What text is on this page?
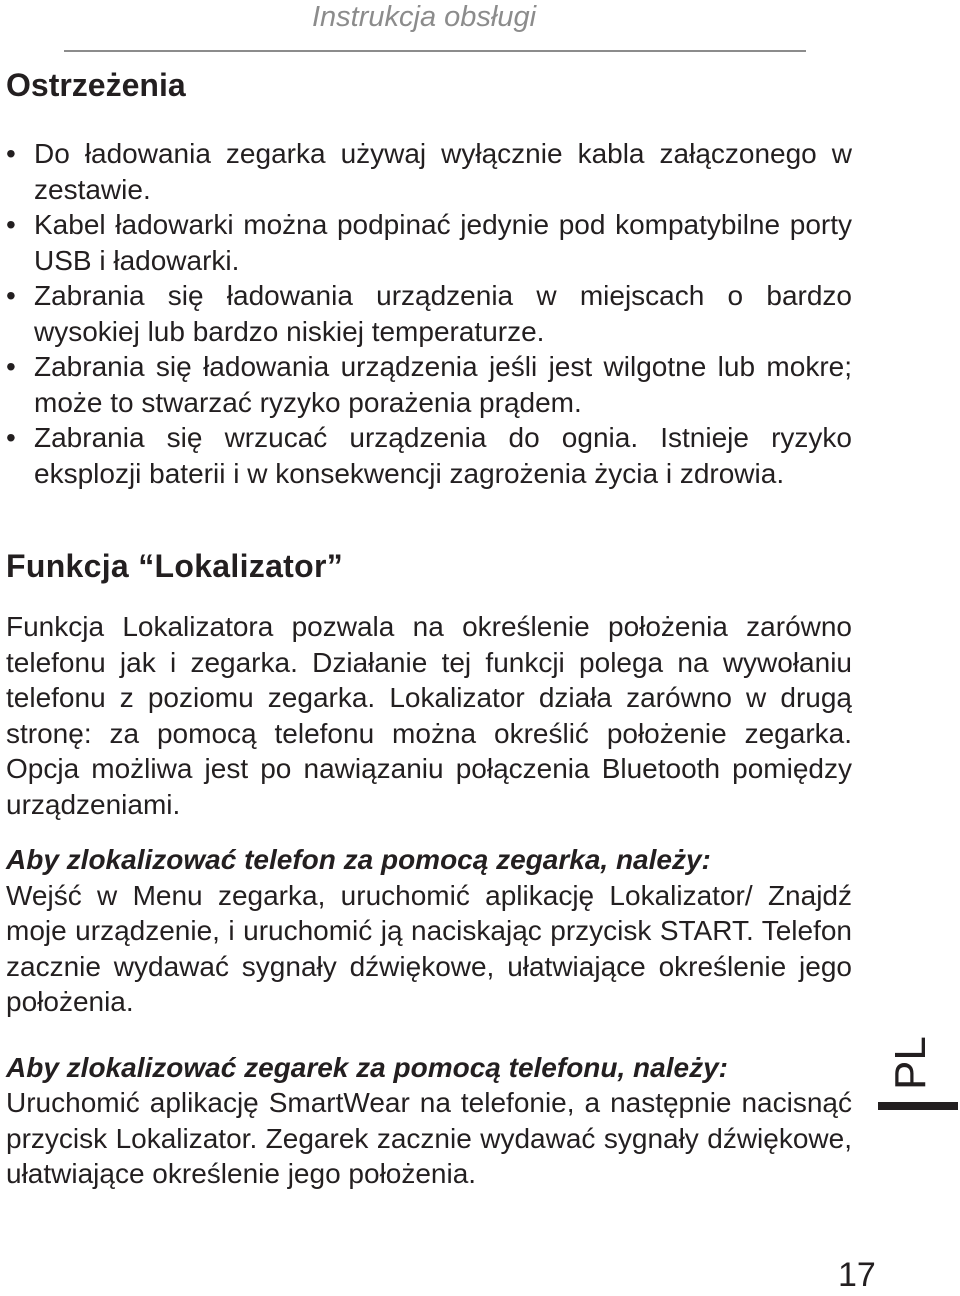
Instrukcja obsługi
Ostrzeżenia
• Do ładowania zegarka używaj wyłącznie kabla załączonego w zestawie.
• Kabel ładowarki można podpinać jedynie pod kompatybilne porty USB i ładowarki.
• Zabrania się ładowania urządzenia w miejscach o bardzo wysokiej lub bardzo niskiej temperaturze.
• Zabrania się ładowania urządzenia jeśli jest wilgotne lub mokre; może to stwarzać ryzyko porażenia prądem.
• Zabrania się wrzucać urządzenia do ognia. Istnieje ryzyko eksplozji baterii i w konsekwencji zagrożenia życia i zdrowia.
Funkcja “Lokalizator”

Funkcja Lokalizatora pozwala na określenie położenia zarówno telefonu jak i zegarka. Działanie tej funkcji polega na wywołaniu telefonu z poziomu zegarka. Lokalizator działa zarówno w drugą stronę: za pomocą telefonu można określić położenie zegarka. Opcja możliwa jest po nawiązaniu połączenia Bluetooth pomiędzy urządzeniami.

Aby zlokalizować telefon za pomocą zegarka, należy:
Wejść w Menu zegarka, uruchomić aplikację Lokalizator/ Znajdź moje urządzenie, i uruchomić ją naciskając przycisk START. Telefon zacznie wydawać sygnały dźwiękowe, ułatwiające określenie jego położenia.
Aby zlokalizować zegarek za pomocą telefonu, należy:
Uruchomić aplikację SmartWear na telefonie, a następnie nacisnąć przycisk Lokalizator. Zegarek zacznie wydawać sygnały dźwiękowe, ułatwiające określenie jego położenia.
PL
17
